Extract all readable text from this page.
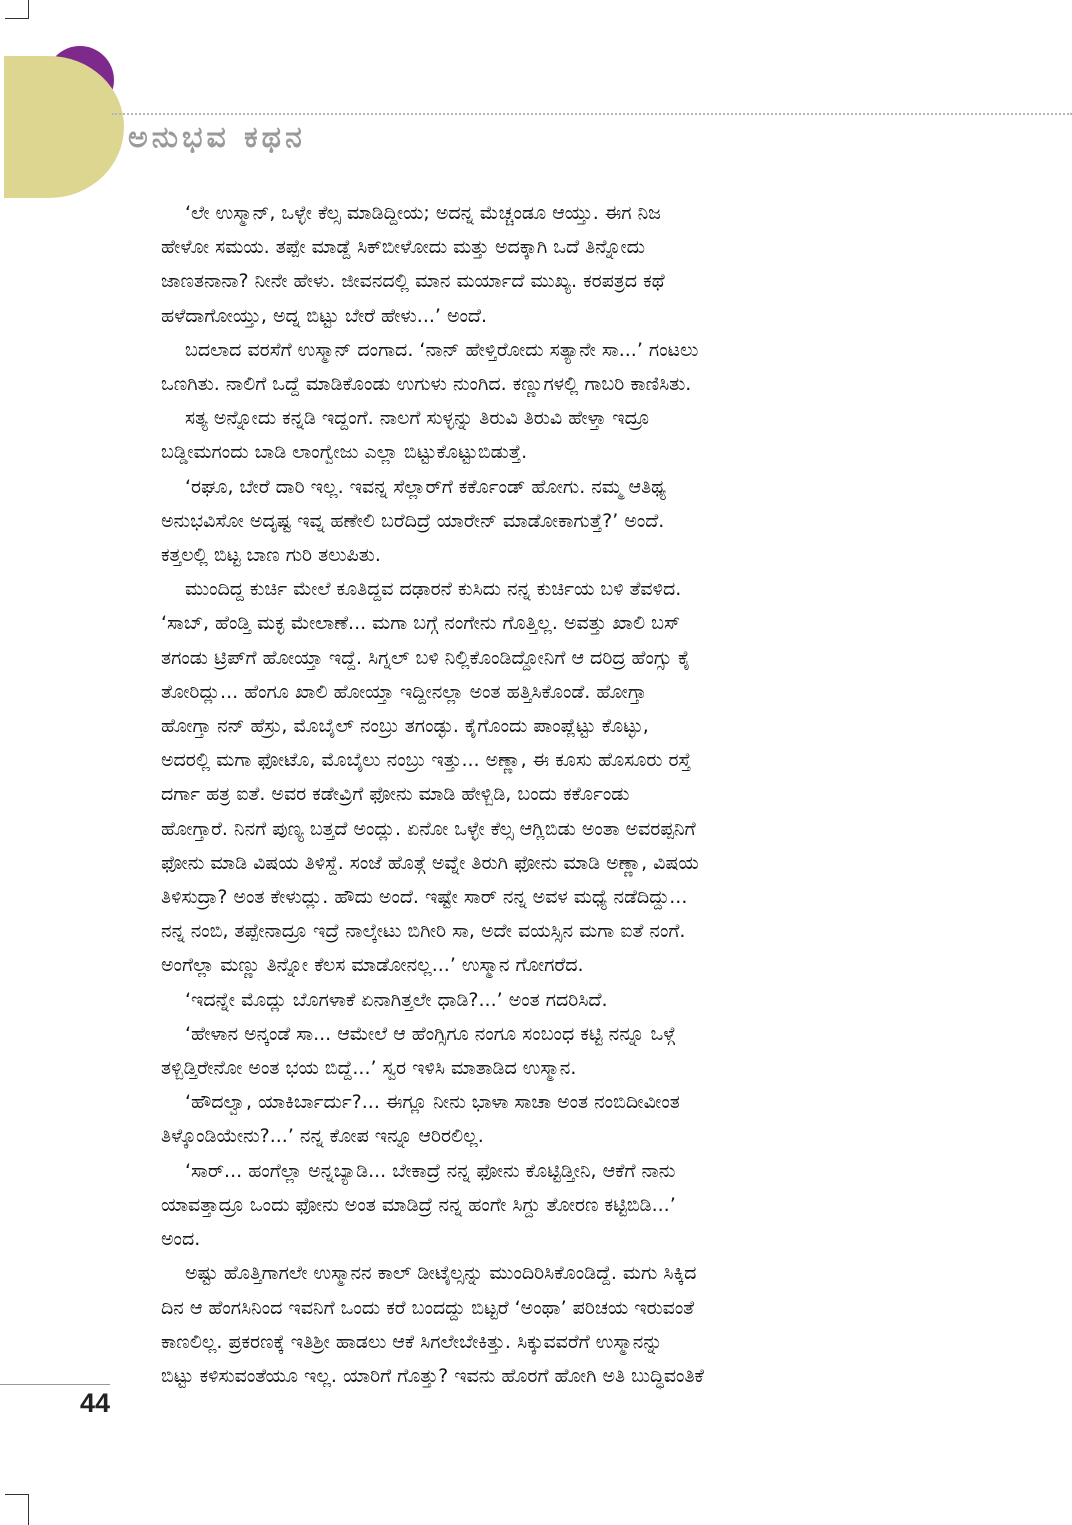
ಅನುಭವ ಕಥನ

‘ಲೇ ಉಸ್ಮಾನ್, ಒಳ್ಳೇ ಕೆಲ್ಸ ಮಾಡಿದ್ದೀಯ; ಅದನ್ನ ಮೆಚ್ಚಂಡೂ ಆಯ್ತು. ಈಗ ನಿಜ

ಹೇಳೋ ಸಮಯ. ತಪ್ಪೇ ಮಾಡ್ದೆ ಸಿಕ್‌ಬೀಳೋದು ಮತ್ತು ಅದಕ್ಕಾಗಿ ಒದೆ ತಿನ್ನೋದು

ಜಾಣತನಾನಾ? ನೀನೇ ಹೇಳು. ಜೀವನದಲ್ಲಿ ಮಾನ ಮರ್ಯಾದೆ ಮುಖ್ಯ. ಕರಪತ್ರದ ಕಥೆ

ಹಳೆದಾಗೋಯ್ತು, ಅದ್ನ ಬಿಟ್ಟು ಬೇರೆ ಹೇಳು...’ ಅಂದೆ.

ಬದಲಾದ ವರಸೆಗೆ ಉಸ್ಮಾನ್ ದಂಗಾದ. ‘ನಾನ್ ಹೇಳ್ತಿರೋದು ಸತ್ಯಾನೇ ಸಾ...’ ಗಂಟಲು

ಒಣಗಿತು. ನಾಲಿಗೆ ಒದ್ದೆ ಮಾಡಿಕೊಂಡು ಉಗುಳು ನುಂಗಿದ. ಕಣ್ಣುಗಳಲ್ಲಿ ಗಾಬರಿ ಕಾಣಿಸಿತು.

ಸತ್ಯ ಅನ್ನೋದು ಕನ್ನಡಿ ಇದ್ದಂಗೆ. ನಾಲಗೆ ಸುಳ್ಳನ್ನು ತಿರುವಿ ತಿರುವಿ ಹೇಳ್ತಾ ಇದ್ರೂ

ಬಡ್ಡೀಮಗಂದು ಬಾಡಿ ಲಾಂಗ್ವೇಜು ಎಲ್ಲಾ ಬಿಟ್ಟುಕೊಟ್ಟುಬಿಡುತ್ತೆ.

‘ರಘೂ, ಬೇರೆ ದಾರಿ ಇಲ್ಲ. ಇವನ್ನ ಸೆಲ್ಲಾರ್‌ಗೆ ಕರ್ಕೊಂಡ್ ಹೋಗು. ನಮ್ಮ ಆತಿಥ್ಯ

ಅನುಭವಿಸೋ ಅದೃಷ್ಟ ಇವ್ನ ಹಣೇಲಿ ಬರೆದಿದ್ರೆ ಯಾರೇನ್ ಮಾಡೋಕಾಗುತ್ತೆ?’ ಅಂದೆ.

ಕತ್ತಲಲ್ಲಿ ಬಿಟ್ಟ ಬಾಣ ಗುರಿ ತಲುಪಿತು.

ಮುಂದಿದ್ದ ಕುರ್ಚಿ ಮೇಲೆ ಕೂತಿದ್ದವ ದಢಾರನೆ ಕುಸಿದು ನನ್ನ ಕುರ್ಚಿಯ ಬಳಿ ತೆವಳಿದ.

‘ಸಾಬ್, ಹೆಂಡ್ತಿ ಮಕ್ಳ ಮೇಲಾಣೆ... ಮಗಾ ಬಗ್ಗೆ ನಂಗೇನು ಗೊತ್ತಿಲ್ಲ. ಅವತ್ತು ಖಾಲಿ ಬಸ್

ತಗಂಡು ಟ್ರಿಪ್‌ಗೆ ಹೋಯ್ತಾ ಇದ್ದೆ. ಸಿಗ್ನಲ್ ಬಳಿ ನಿಲ್ಲಿಕೊಂಡಿದ್ದೋನಿಗೆ ಆ ದರಿದ್ರ ಹೆಂಗ್ಸು ಕೈ

ತೋರಿದ್ಲು... ಹೆಂಗೂ ಖಾಲಿ ಹೋಯ್ತಾ ಇದ್ದೀನಲ್ಲಾ ಅಂತ ಹತ್ತಿಸಿಕೊಂಡೆ. ಹೋಗ್ತಾ

ಹೋಗ್ತಾ ನನ್ ಹೆಸ್ರು, ಮೊಬೈಲ್ ನಂಬ್ರು ತಗಂಡ್ಳು. ಕೈಗೊಂದು ಪಾಂಪ್ಲೆಟ್ಟು ಕೊಟ್ಳು,

ಅದರಲ್ಲಿ ಮಗಾ ಫೋಟೊ, ಮೊಬೈಲು ನಂಬ್ರು ಇತ್ತು... ಅಣ್ಣಾ, ಈ ಕೂಸು ಹೊಸೂರು ರಸ್ತೆ

ದರ್ಗಾ ಹತ್ರ ಐತೆ. ಅವರ ಕಡೇವ್ರಿಗೆ ಫೋನು ಮಾಡಿ ಹೇಳ್ಬಿಡಿ, ಬಂದು ಕರ್ಕೊಂಡು

ಹೋಗ್ತಾರೆ. ನಿನಗೆ ಪುಣ್ಯ ಬತ್ತದೆ ಅಂದ್ಲು. ಏನೋ ಒಳ್ಳೇ ಕೆಲ್ಸ ಆಗ್ಲಿಬಿಡು ಅಂತಾ ಅವರಪ್ಪನಿಗೆ

ಫೋನು ಮಾಡಿ ವಿಷಯ ತಿಳಿಸ್ದೆ. ಸಂಜೆ ಹೊತ್ಗೆ ಅವ್ನೇ ತಿರುಗಿ ಫೋನು ಮಾಡಿ ಅಣ್ಣಾ, ವಿಷಯ

ತಿಳಿಸುದ್ರಾ? ಅಂತ ಕೇಳುದ್ಲು. ಹೌದು ಅಂದೆ. ಇಷ್ಟೇ ಸಾರ್ ನನ್ನ ಅವಳ ಮಧ್ಯೆ ನಡೆದಿದ್ದು...

ನನ್ನ ನಂಬಿ, ತಪ್ಪೇನಾದ್ರೂ ಇದ್ರೆ ನಾಲ್ಕೇಟು ಬಿಗೀರಿ ಸಾ, ಅದೇ ವಯಸ್ಸಿನ ಮಗಾ ಐತೆ ನಂಗೆ.

ಅಂಗೆಲ್ಲಾ ಮಣ್ಣು ತಿನ್ನೋ ಕೆಲಸ ಮಾಡೋನಲ್ಲ...’ ಉಸ್ಮಾನ ಗೋಗರೆದ.

‘ಇದನ್ನೇ ಮೊದ್ಲು ಬೊಗಳಾಕೆ ಏನಾಗಿತ್ತಲೇ ಧಾಡಿ?...’ ಅಂತ ಗದರಿಸಿದೆ.

‘ಹೇಳಾನ ಅನ್ಕಂಡೆ ಸಾ... ಆಮೇಲೆ ಆ ಹೆಂಗ್ಸಿಗೂ ನಂಗೂ ಸಂಬಂಧ ಕಟ್ಟಿ ನನ್ನೂ ಒಳ್ಗೆ

ತಳ್ಬಿಡ್ತಿರೇನೋ ಅಂತ ಭಯ ಬಿದ್ದೆ...’ ಸ್ವರ ಇಳಿಸಿ ಮಾತಾಡಿದ ಉಸ್ಮಾನ.

‘ಹೌದಲ್ವಾ, ಯಾಕಿರ್ಬಾರ್ದು?... ಈಗ್ಲೂ ನೀನು ಭಾಳಾ ಸಾಚಾ ಅಂತ ನಂಬಿದೀವೀಂತ

ತಿಳ್ಕೊಂಡಿಯೇನು?...’ ನನ್ನ ಕೋಪ ಇನ್ನೂ ಆರಿರಲಿಲ್ಲ.

‘ಸಾರ್... ಹಂಗೆಲ್ಲಾ ಅನ್ನಬ್ಯಾಡಿ... ಬೇಕಾದ್ರೆ ನನ್ನ ಫೋನು ಕೊಟ್ಟಿಡ್ತೀನಿ, ಆಕೆಗೆ ನಾನು

ಯಾವತ್ತಾದ್ರೂ ಒಂದು ಫೋನು ಅಂತ ಮಾಡಿದ್ರೆ ನನ್ನ ಹಂಗೇ ಸಿಗ್ದು ತೋರಣ ಕಟ್ಟಿಬಿಡಿ...’

ಅಂದ.

ಅಷ್ಟು ಹೊತ್ತಿಗಾಗಲೇ ಉಸ್ಮಾನನ ಕಾಲ್ ಡೀಟೈಲ್ಸನ್ನು ಮುಂದಿರಿಸಿಕೊಂಡಿದ್ದೆ. ಮಗು ಸಿಕ್ಕಿದ

ದಿನ ಆ ಹೆಂಗಸಿನಿಂದ ಇವನಿಗೆ ಒಂದು ಕರೆ ಬಂದದ್ದು ಬಿಟ್ಟರೆ ‘ಅಂಥಾ’ ಪರಿಚಯ ಇರುವಂತೆ

ಕಾಣಲಿಲ್ಲ. ಪ್ರಕರಣಕ್ಕೆ ಇತಿಶ್ರೀ ಹಾಡಲು ಆಕೆ ಸಿಗಲೇಬೇಕಿತ್ತು. ಸಿಕ್ಕುವವರೆಗೆ ಉಸ್ಮಾನನ್ನು

ಬಿಟ್ಟು ಕಳಿಸುವಂತೆಯೂ ಇಲ್ಲ. ಯಾರಿಗೆ ಗೊತ್ತು? ಇವನು ಹೊರಗೆ ಹೋಗಿ ಅತಿ ಬುದ್ಧಿವಂತಿಕೆ

44
